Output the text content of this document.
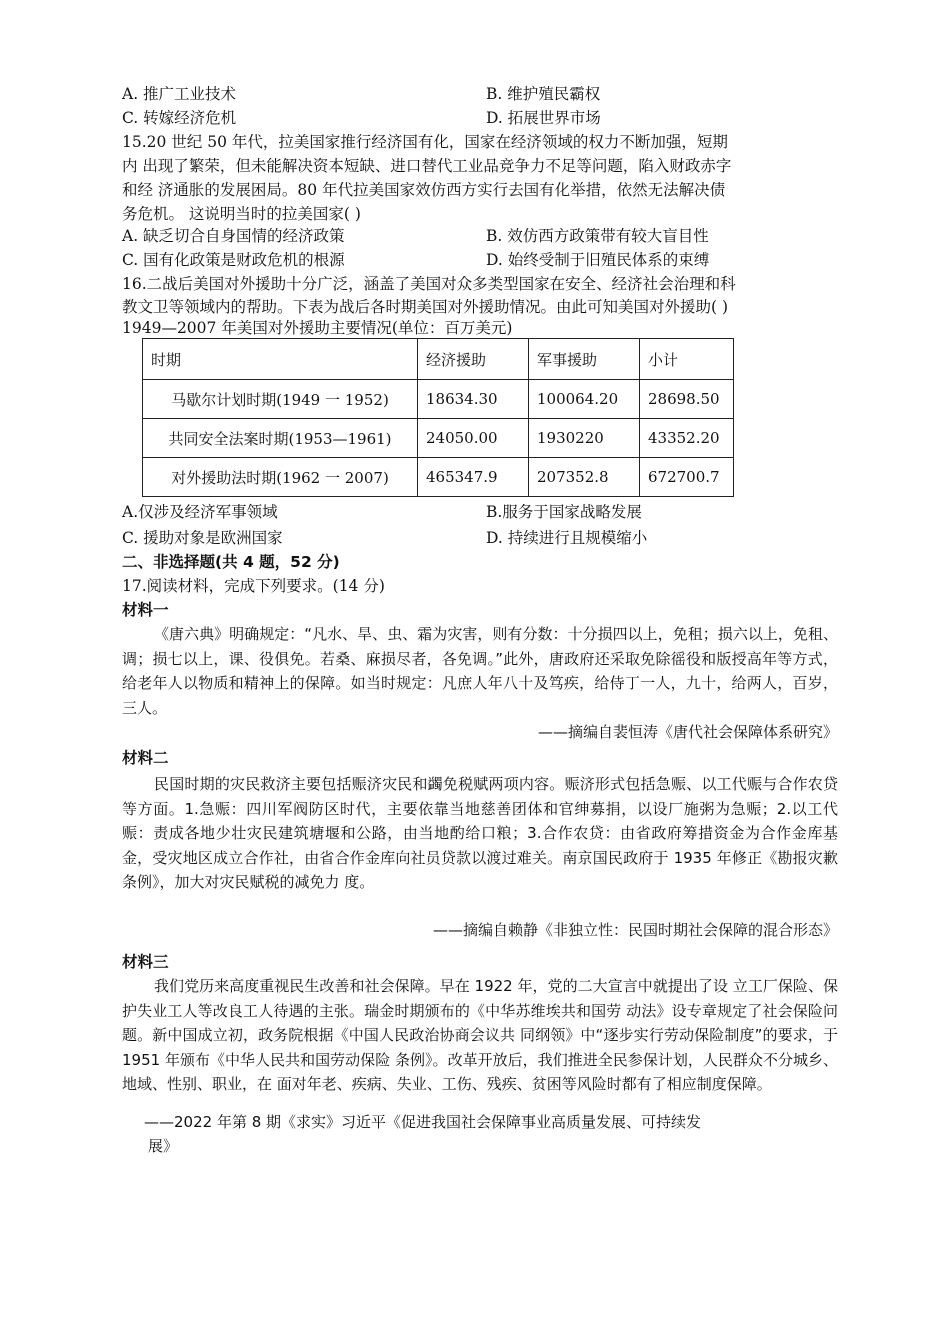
A. 推广工业技术	B. 维护殖民霸权
C. 转嫁经济危机	D. 拓展世界市场
15.20 世纪 50 年代，拉美国家推行经济国有化，国家在经济领域的权力不断加强，短期
内 出现了繁荣，但未能解决资本短缺、进口替代工业品竞争力不足等问题，陷入财政赤字
和经 济通胀的发展困局。80 年代拉美国家效仿西方实行去国有化举措，依然无法解决债
务危机。 这说明当时的拉美国家( )
A. 缺乏切合自身国情的经济政策	B. 效仿西方政策带有较大盲目性
C. 国有化政策是财政危机的根源	D. 始终受制于旧殖民体系的束缚
16.二战后美国对外援助十分广泛，涵盖了美国对众多类型国家在安全、经济社会治理和科
教文卫等领域内的帮助。下表为战后各时期美国对外援助情况。由此可知美国对外援助( )
1949—2007 年美国对外援助主要情况(单位：百万美元)
时期	经济援助	军事援助	小计
马歇尔计划时期(1949 一 1952)	18634.30	100064.20	28698.50
共同安全法案时期(1953—1961)	24050.00	1930220	43352.20
对外援助法时期(1962 一 2007)	465347.9	207352.8	672700.7
A.仅涉及经济军事领域	B.服务于国家战略发展
C. 援助对象是欧洲国家	D. 持续进行且规模缩小
二、非选择题(共 4 题，52 分)
17.阅读材料，完成下列要求。(14 分)
材料一
《唐六典》明确规定：“凡水、旱、虫、霜为灾害，则有分数：十分损四以上，免租；损六以上，免租、调；损七以上，课、役俱免。若桑、麻损尽者，各免调。”此外，唐政府还采取免除徭役和版授高年等方式，给老年人以物质和精神上的保障。如当时规定：凡庶人年八十及笃疾，给侍丁一人，九十，给两人，百岁，三人。
——摘编自裴恒涛《唐代社会保障体系研究》
材料二
民国时期的灾民救济主要包括赈济灾民和蠲免税赋两项内容。赈济形式包括急赈、以工代赈与合作农贷等方面。1.急赈：四川军阀防区时代，主要依靠当地慈善团体和官绅募捐，以设厂施粥为急赈；2.以工代赈：责成各地少壮灾民建筑塘堰和公路，由当地酌给口粮；3.合作农贷：由省政府筹措资金为合作金库基金，受灾地区成立合作社，由省合作金库向社员贷款以渡过难关。南京国民政府于 1935 年修正《勘报灾歉条例》，加大对灾民赋税的减免力 度。
——摘编自赖静《非独立性：民国时期社会保障的混合形态》
材料三
我们党历来高度重视民生改善和社会保障。早在 1922 年，党的二大宣言中就提出了设 立工厂保险、保护失业工人等改良工人待遇的主张。瑞金时期颁布的《中华苏维埃共和国劳 动法》设专章规定了社会保险问题。新中国成立初，政务院根据《中国人民政治协商会议共 同纲领》中“逐步实行劳动保险制度”的要求，于 1951 年颁布《中华人民共和国劳动保险 条例》。改革开放后，我们推进全民参保计划，人民群众不分城乡、地域、性别、职业，在 面对年老、疾病、失业、工伤、残疾、贫困等风险时都有了相应制度保障。
——2022 年第 8 期《求实》习近平《促进我国社会保障事业高质量发展、可持续发
展》
